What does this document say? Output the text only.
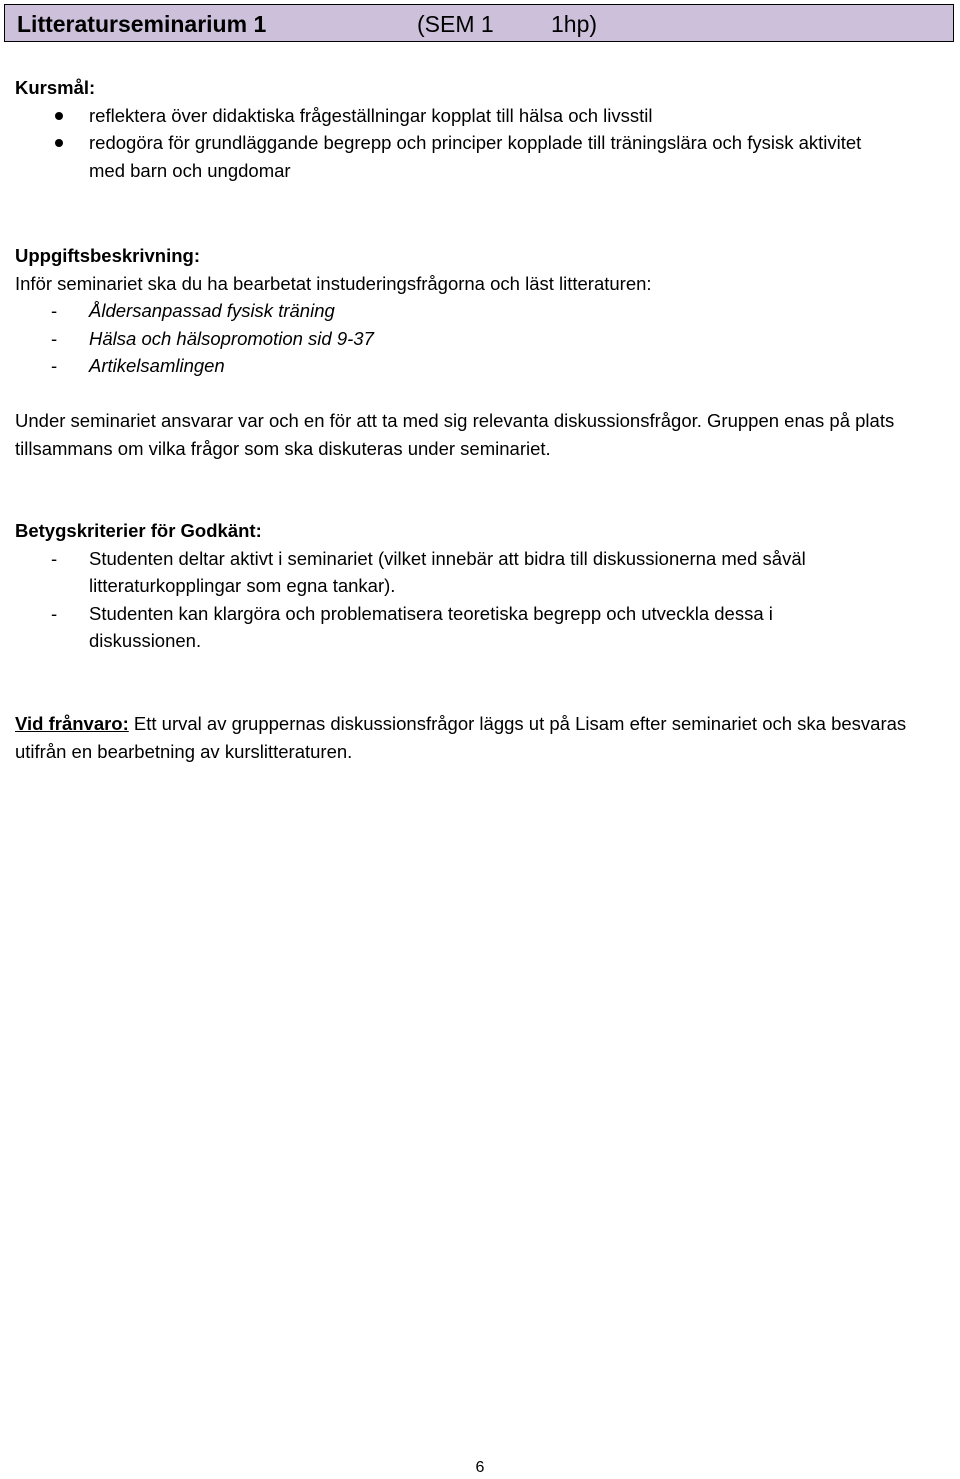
Litteraturseminarium 1	(SEM 1 1hp)
Kursmål:
reflektera över didaktiska frågeställningar kopplat till hälsa och livsstil
redogöra för grundläggande begrepp och principer kopplade till träningslära och fysisk aktivitet med barn och ungdomar
Uppgiftsbeskrivning:
Inför seminariet ska du ha bearbetat instuderingsfrågorna och läst litteraturen:
- Åldersanpassad fysisk träning
- Hälsa och hälsopromotion sid 9-37
- Artikelsamlingen
Under seminariet ansvarar var och en för att ta med sig relevanta diskussionsfrågor. Gruppen enas på plats tillsammans om vilka frågor som ska diskuteras under seminariet.
Betygskriterier för Godkänt:
- Studenten deltar aktivt i seminariet (vilket innebär att bidra till diskussionerna med såväl litteraturkopplingar som egna tankar).
- Studenten kan klargöra och problematisera teoretiska begrepp och utveckla dessa i diskussionen.
Vid frånvaro: Ett urval av gruppernas diskussionsfrågor läggs ut på Lisam efter seminariet och ska besvaras utifrån en bearbetning av kurslitteraturen.
6
